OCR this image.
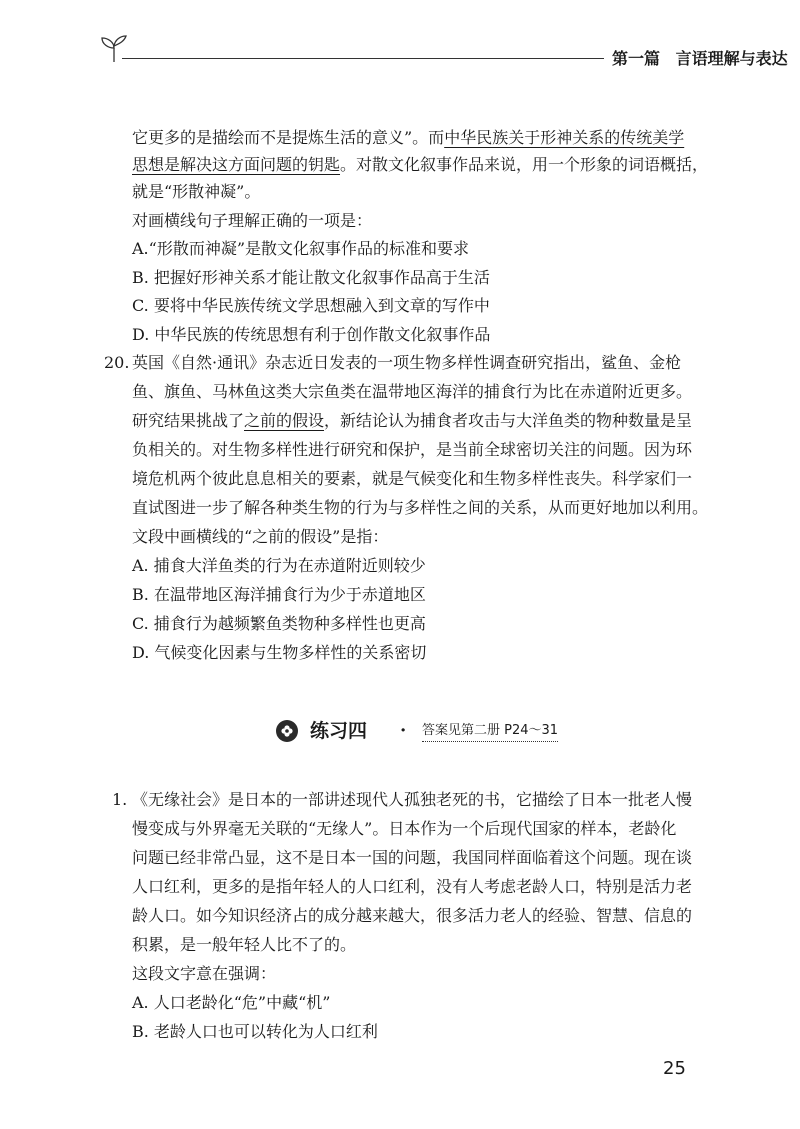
第一篇 言语理解与表达
它更多的是描绘而不是提炼生活的意义”。而中华民族关于形神关系的传统美学
思想是解决这方面问题的钥匙。对散文化叙事作品来说，用一个形象的词语概括，
就是“形散神凝”。
对画横线句子理解正确的一项是：
A.“形散而神凝”是散文化叙事作品的标准和要求
B. 把握好形神关系才能让散文化叙事作品高于生活
C. 要将中华民族传统文学思想融入到文章的写作中
D. 中华民族的传统思想有利于创作散文化叙事作品
20. 英国《自然·通讯》杂志近日发表的一项生物多样性调查研究指出，鲨鱼、金枪
鱼、旗鱼、马林鱼这类大宗鱼类在温带地区海洋的捕食行为比在赤道附近更多。
研究结果挑战了之前的假设，新结论认为捕食者攻击与大洋鱼类的物种数量是呈
负相关的。对生物多样性进行研究和保护，是当前全球密切关注的问题。因为环
境危机两个彼此息息相关的要素，就是气候变化和生物多样性丧失。科学家们一
直试图进一步了解各种类生物的行为与多样性之间的关系，从而更好地加以利用。
文段中画横线的“之前的假设”是指：
A. 捕食大洋鱼类的行为在赤道附近则较少
B. 在温带地区海洋捕食行为少于赤道地区
C. 捕食行为越频繁鱼类物种多样性也更高
D. 气候变化因素与生物多样性的关系密切
练习四 · 答案见第二册 P24～31
1. 《无缘社会》是日本的一部讲述现代人孤独老死的书，它描绘了日本一批老人慢
慢变成与外界毫无关联的“无缘人”。日本作为一个后现代国家的样本，老龄化
问题已经非常凸显，这不是日本一国的问题，我国同样面临着这个问题。现在谈
人口红利，更多的是指年轻人的人口红利，没有人考虑老龄人口，特别是活力老
龄人口。如今知识经济占的成分越来越大，很多活力老人的经验、智慧、信息的
积累，是一般年轻人比不了的。
这段文字意在强调：
A. 人口老龄化“危”中藏“机”
B. 老龄人口也可以转化为人口红利
25
